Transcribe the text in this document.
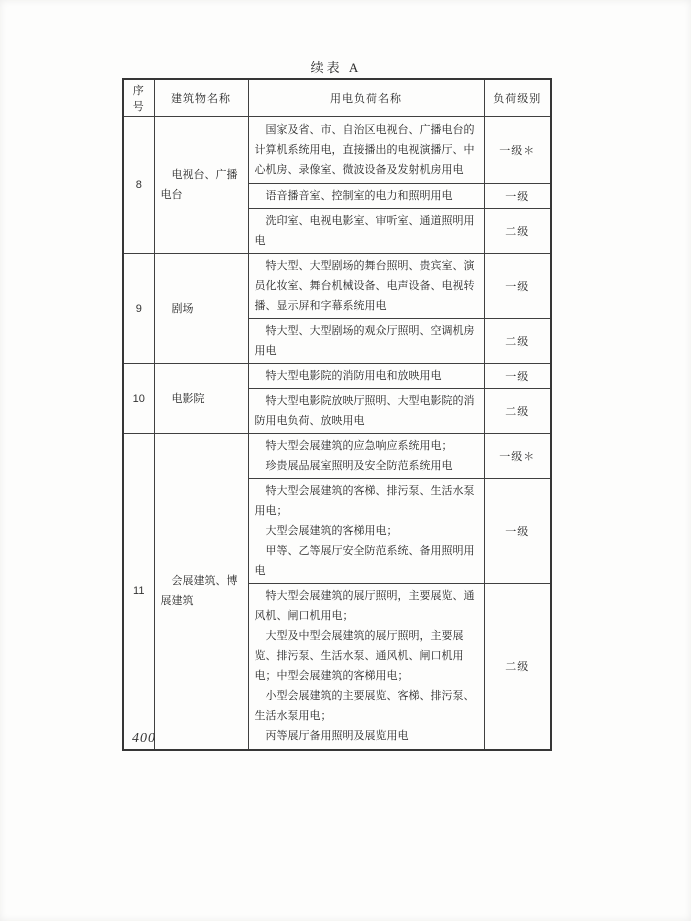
续表 A
序号	建筑物名称	用电负荷名称	负荷级别
8	电视台、广播电台	国家及省、市、自治区电视台、广播电台的计算机系统用电，直接播出的电视演播厅、中心机房、录像室、微波设备及发射机房用电	一级＊

		语音播音室、控制室的电力和照明用电	一级

		洗印室、电视电影室、审听室、通道照明用电	二级
9	剧场	特大型、大型剧场的舞台照明、贵宾室、演员化妆室、舞台机械设备、电声设备、电视转播、显示屏和字幕系统用电	一级

		特大型、大型剧场的观众厅照明、空调机房用电	二级
10	电影院	特大型电影院的消防用电和放映用电	一级

		特大型电影院放映厅照明、大型电影院的消防用电负荷、放映用电	二级
11	会展建筑、博展建筑	特大型会展建筑的应急响应系统用电；

珍贵展品展室照明及安全防范系统用电	一级＊

		特大型会展建筑的客梯、排污泵、生活水泵用电；

大型会展建筑的客梯用电；

甲等、乙等展厅安全防范系统、备用照明用电	一级

		特大型会展建筑的展厅照明，主要展览、通风机、闸口机用电；

大型及中型会展建筑的展厅照明，主要展览、排污泵、生活水泵、通风机、闸口机用电；中型会展建筑的客梯用电；

小型会展建筑的主要展览、客梯、排污泵、生活水泵用电；

丙等展厅备用照明及展览用电	二级
400
